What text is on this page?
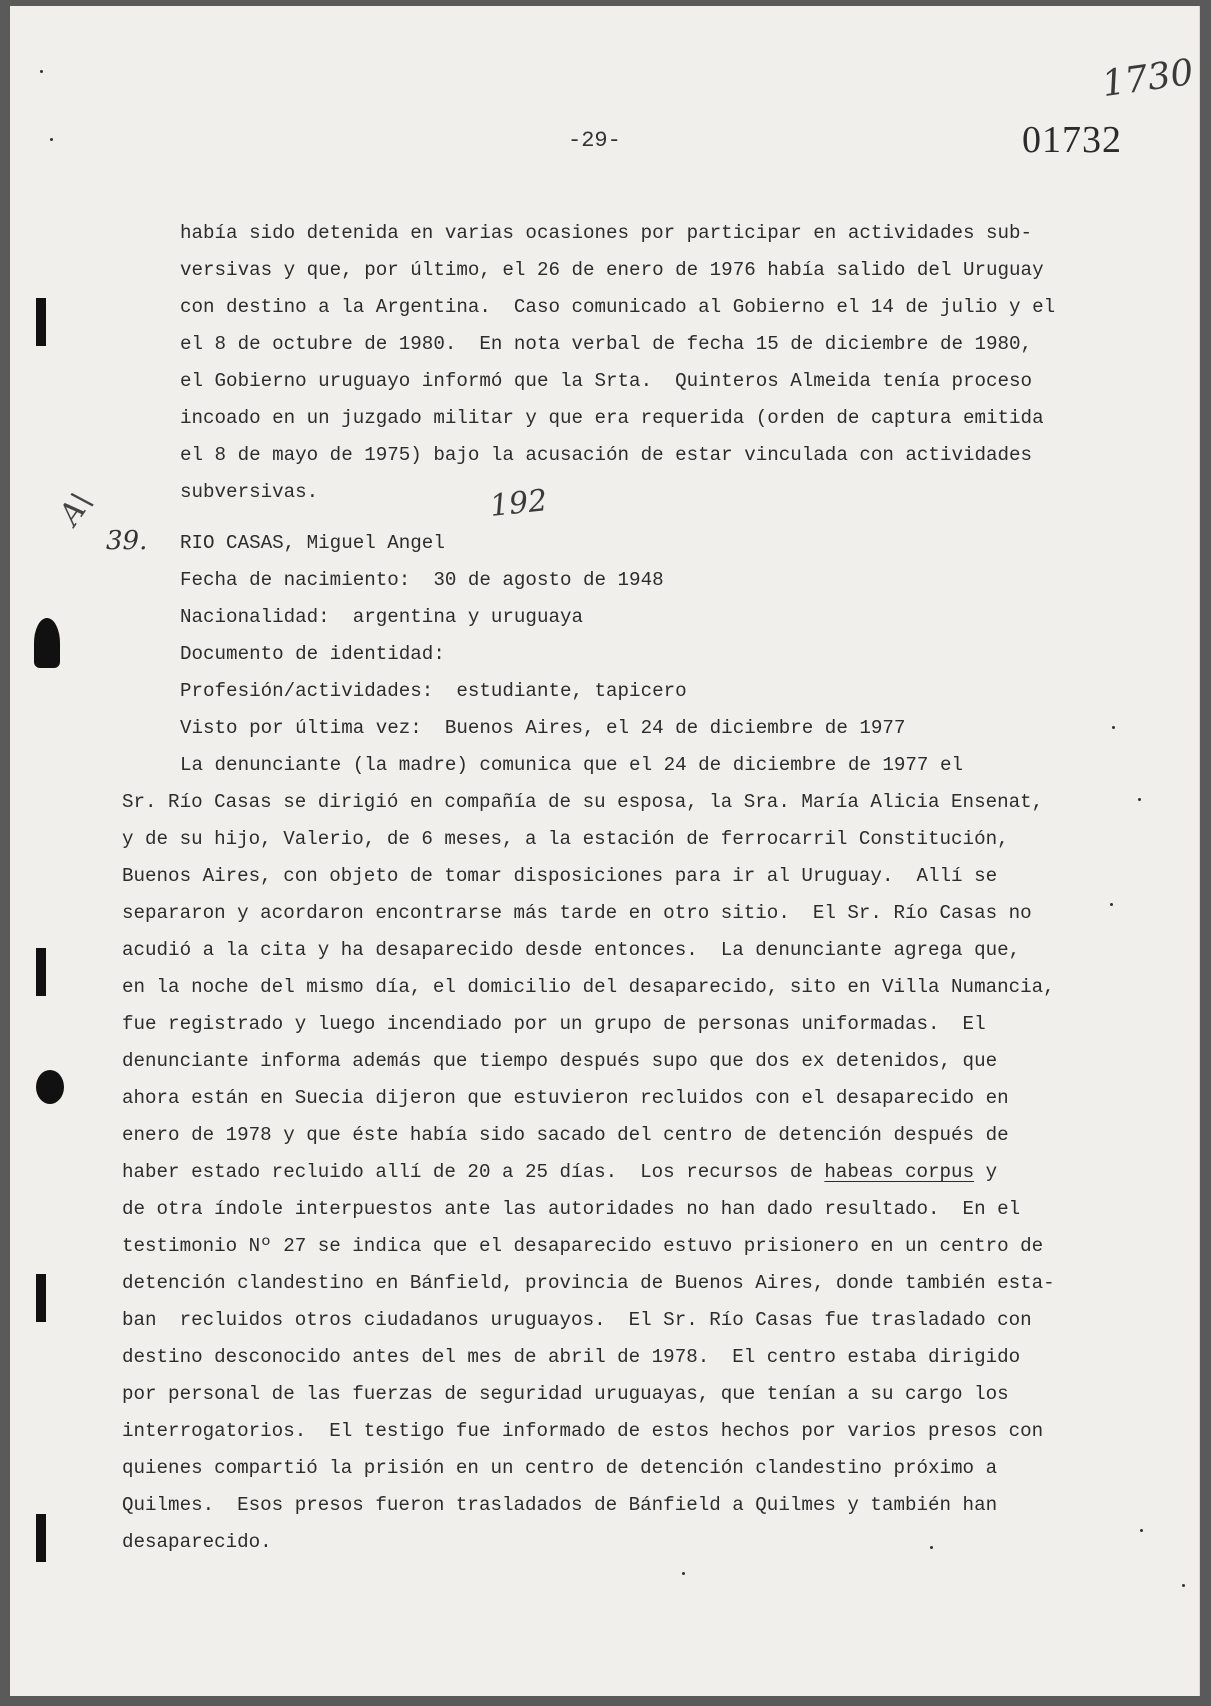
-29-	01732
1730
192
A\
39.
había sido detenida en varias ocasiones por participar en actividades sub-
versivas y que, por último, el 26 de enero de 1976 había salido del Uruguay
con destino a la Argentina.  Caso comunicado al Gobierno el 14 de julio y el
el 8 de octubre de 1980.  En nota verbal de fecha 15 de diciembre de 1980,
el Gobierno uruguayo informó que la Srta.  Quinteros Almeida tenía proceso
incoado en un juzgado militar y que era requerida (orden de captura emitida
el 8 de mayo de 1975) bajo la acusación de estar vinculada con actividades
subversivas.
RIO CASAS, Miguel Angel
Fecha de nacimiento:  30 de agosto de 1948
Nacionalidad:  argentina y uruguaya
Documento de identidad:
Profesión/actividades:  estudiante, tapicero
Visto por última vez:  Buenos Aires, el 24 de diciembre de 1977
La denunciante (la madre) comunica que el 24 de diciembre de 1977 el
Sr. Río Casas se dirigió en compañía de su esposa, la Sra. María Alicia Ensenat,
y de su hijo, Valerio, de 6 meses, a la estación de ferrocarril Constitución,
Buenos Aires, con objeto de tomar disposiciones para ir al Uruguay.  Allí se
separaron y acordaron encontrarse más tarde en otro sitio.  El Sr. Río Casas no
acudió a la cita y ha desaparecido desde entonces.  La denunciante agrega que,
en la noche del mismo día, el domicilio del desaparecido, sito en Villa Numancia,
fue registrado y luego incendiado por un grupo de personas uniformadas.  El
denunciante informa además que tiempo después supo que dos ex detenidos, que
ahora están en Suecia dijeron que estuvieron recluidos con el desaparecido en
enero de 1978 y que éste había sido sacado del centro de detención después de
haber estado recluido allí de 20 a 25 días.  Los recursos de habeas corpus y
de otra índole interpuestos ante las autoridades no han dado resultado.  En el
testimonio Nº 27 se indica que el desaparecido estuvo prisionero en un centro de
detención clandestino en Bánfield, provincia de Buenos Aires, donde también esta-
ban  recluidos otros ciudadanos uruguayos.  El Sr. Río Casas fue trasladado con
destino desconocido antes del mes de abril de 1978.  El centro estaba dirigido
por personal de las fuerzas de seguridad uruguayas, que tenían a su cargo los
interrogatorios.  El testigo fue informado de estos hechos por varios presos con
quienes compartió la prisión en un centro de detención clandestino próximo a
Quilmes.  Esos presos fueron trasladados de Bánfield a Quilmes y también han
desaparecido.
